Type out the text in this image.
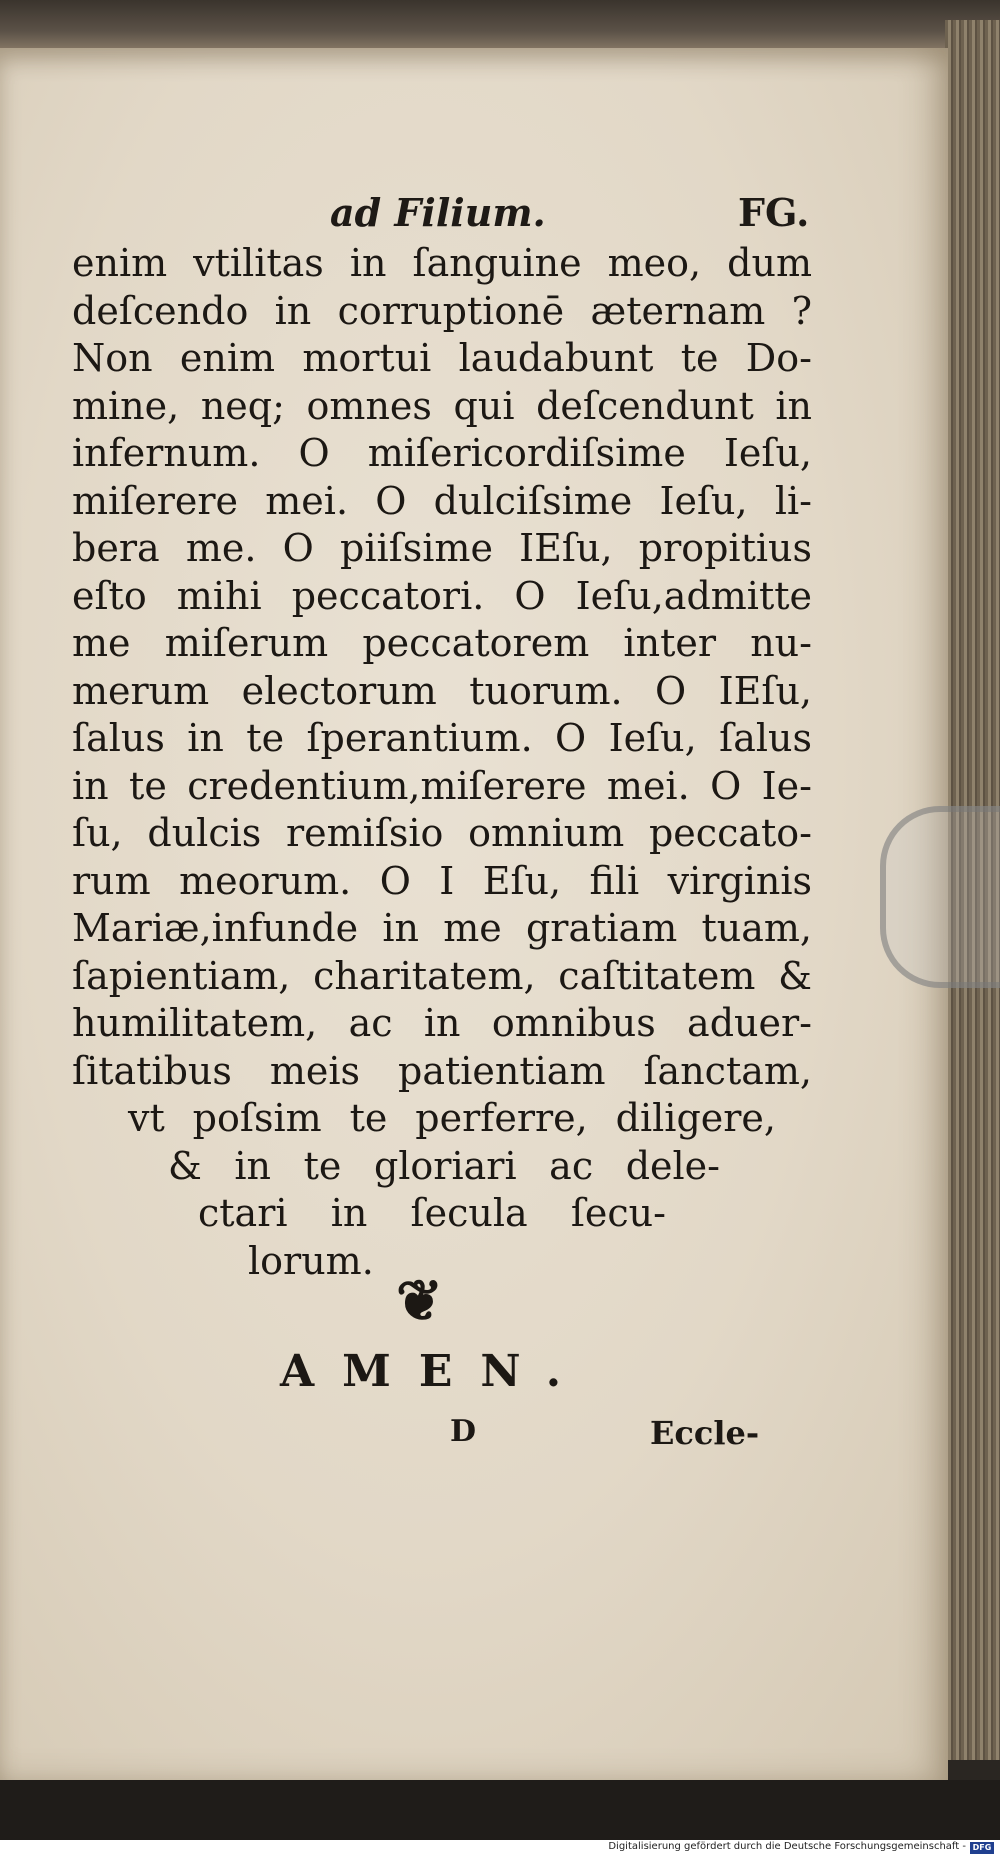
ad Filium.	FG.
enim vtilitas in ſanguine meo, dum
deſcendo in corruptionē æternam ?
Non enim mortui laudabunt te Do-
mine, neq; omnes qui deſcendunt in
infernum. O miſericordiſsime Ieſu,
miſerere mei. O dulciſsime Ieſu, li-
bera me. O piiſsime IEſu, propitius
eſto mihi peccatori. O Ieſu,admitte
me miſerum peccatorem inter nu-
merum electorum tuorum. O IEſu,
ſalus in te ſperantium. O Ieſu, ſalus
in te credentium,miſerere mei. O Ie-
ſu, dulcis remiſsio omnium peccato-
rum meorum. O I Eſu, fili virginis
Mariæ,infunde in me gratiam tuam,
ſapientiam, charitatem, caſtitatem &
humilitatem, ac in omnibus aduer-
ſitatibus meis patientiam ſanctam,
vt poſsim te perferre, diligere,
& in te gloriari ac dele-
ctari in ſecula ſecu-
lorum.
❦
AMEN.
D	Eccle-
Digitalisierung gefördert durch die Deutsche Forschungsgemeinschaft - DFG
